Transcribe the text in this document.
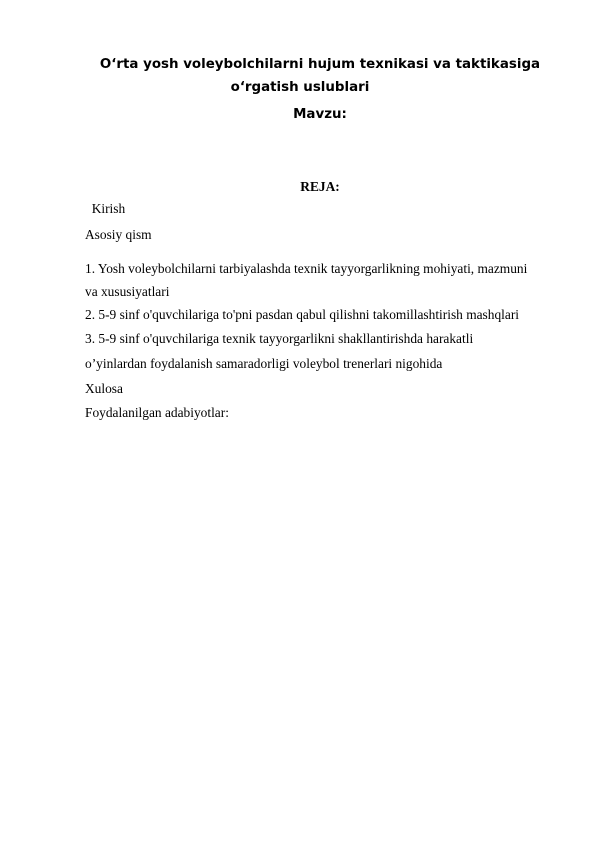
O‘rta yosh voleybolchilarni hujum texnikasi va taktikasiga

o‘rgatish uslublari

Mavzu:

REJA:

Kirish

Asosiy qism

1. Yosh voleybolchilarni tarbiyalashda texnik tayyorgarlikning mohiyati, mazmuni

va xususiyatlari

2. 5-9 sinf o'quvchilariga to'pni pasdan qabul qilishni takomillashtirish mashqlari

3. 5-9 sinf o'quvchilariga texnik tayyorgarlikni shakllantirishda harakatli

o’yinlardan foydalanish samaradorligi voleybol trenerlari nigohida

Xulosa

Foydalanilgan adabiyotlar:
